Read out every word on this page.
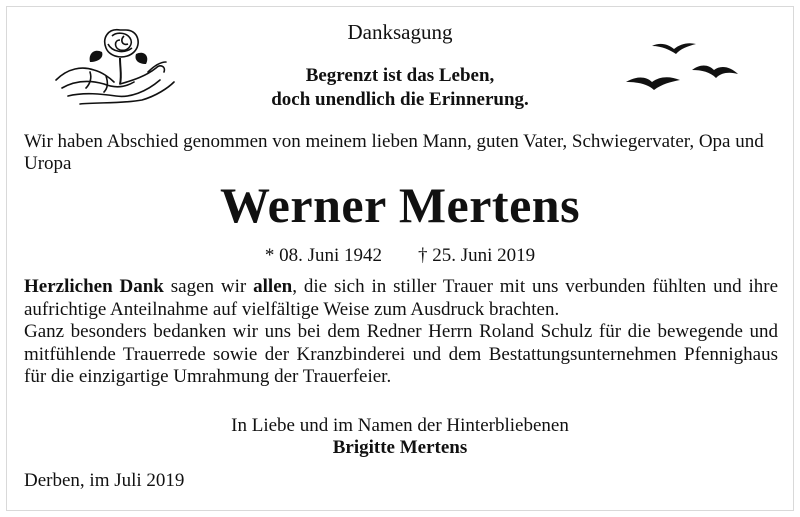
Danksagung
Begrenzt ist das Leben,
doch unendlich die Erinnerung.
Wir haben Abschied genommen von meinem lieben Mann, guten Vater, Schwiegervater, Opa und Uropa
Werner Mertens
* 08. Juni 1942 † 25. Juni 2019

Herzlichen Dank sagen wir allen, die sich in stiller Trauer mit uns verbunden fühlten und ihre aufrichtige Anteilnahme auf vielfältige Weise zum Ausdruck brachten.

Ganz besonders bedanken wir uns bei dem Redner Herrn Roland Schulz für die bewegende und mitfühlende Trauerrede sowie der Kranzbinderei und dem Bestattungsunternehmen Pfennighaus für die einzigartige Umrahmung der Trauerfeier.

In Liebe und im Namen der Hinterbliebenen
Brigitte Mertens
Derben, im Juli 2019
